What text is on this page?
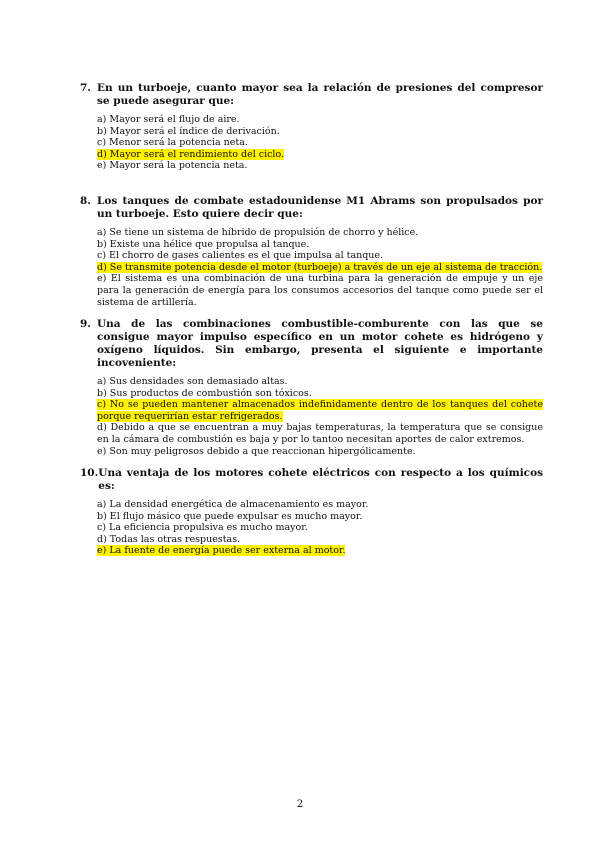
7. En un turboeje, cuanto mayor sea la relación de presiones del compresor se puede asegurar que:
a) Mayor será el flujo de aire.
b) Mayor será el índice de derivación.
c) Menor será la potencia neta.
d) Mayor será el rendimiento del ciclo.
e) Mayor será la potencia neta.
8. Los tanques de combate estadounidense M1 Abrams son propulsados por un turboeje. Esto quiere decir que:
a) Se tiene un sistema de híbrido de propulsión de chorro y hélice.
b) Existe una hélice que propulsa al tanque.
c) El chorro de gases calientes es el que impulsa al tanque.
d) Se transmite potencia desde el motor (turboeje) a través de un eje al sistema de tracción.
e) El sistema es una combinación de una turbina para la generación de empuje y un eje para la generación de energía para los consumos accesorios del tanque como puede ser el sistema de artillería.
9. Una de las combinaciones combustible-comburente con las que se consigue mayor impulso específico en un motor cohete es hidrógeno y oxígeno líquidos. Sin embargo, presenta el siguiente e importante incoveniente:
a) Sus densidades son demasiado altas.
b) Sus productos de combustión son tóxicos.
c) No se pueden mantener almacenados indefinidamente dentro de los tanques del cohete porque requerirían estar refrigerados.
d) Debido a que se encuentran a muy bajas temperaturas, la temperatura que se consigue en la cámara de combustión es baja y por lo tantoo necesitan aportes de calor extremos.
e) Son muy peligrosos debido a que reaccionan hipergólicamente.
10. Una ventaja de los motores cohete eléctricos con respecto a los químicos es:
a) La densidad energética de almacenamiento es mayor.
b) El flujo másico que puede expulsar es mucho mayor.
c) La eficiencia propulsiva es mucho mayor.
d) Todas las otras respuestas.
e) La fuente de energía puede ser externa al motor.
2
